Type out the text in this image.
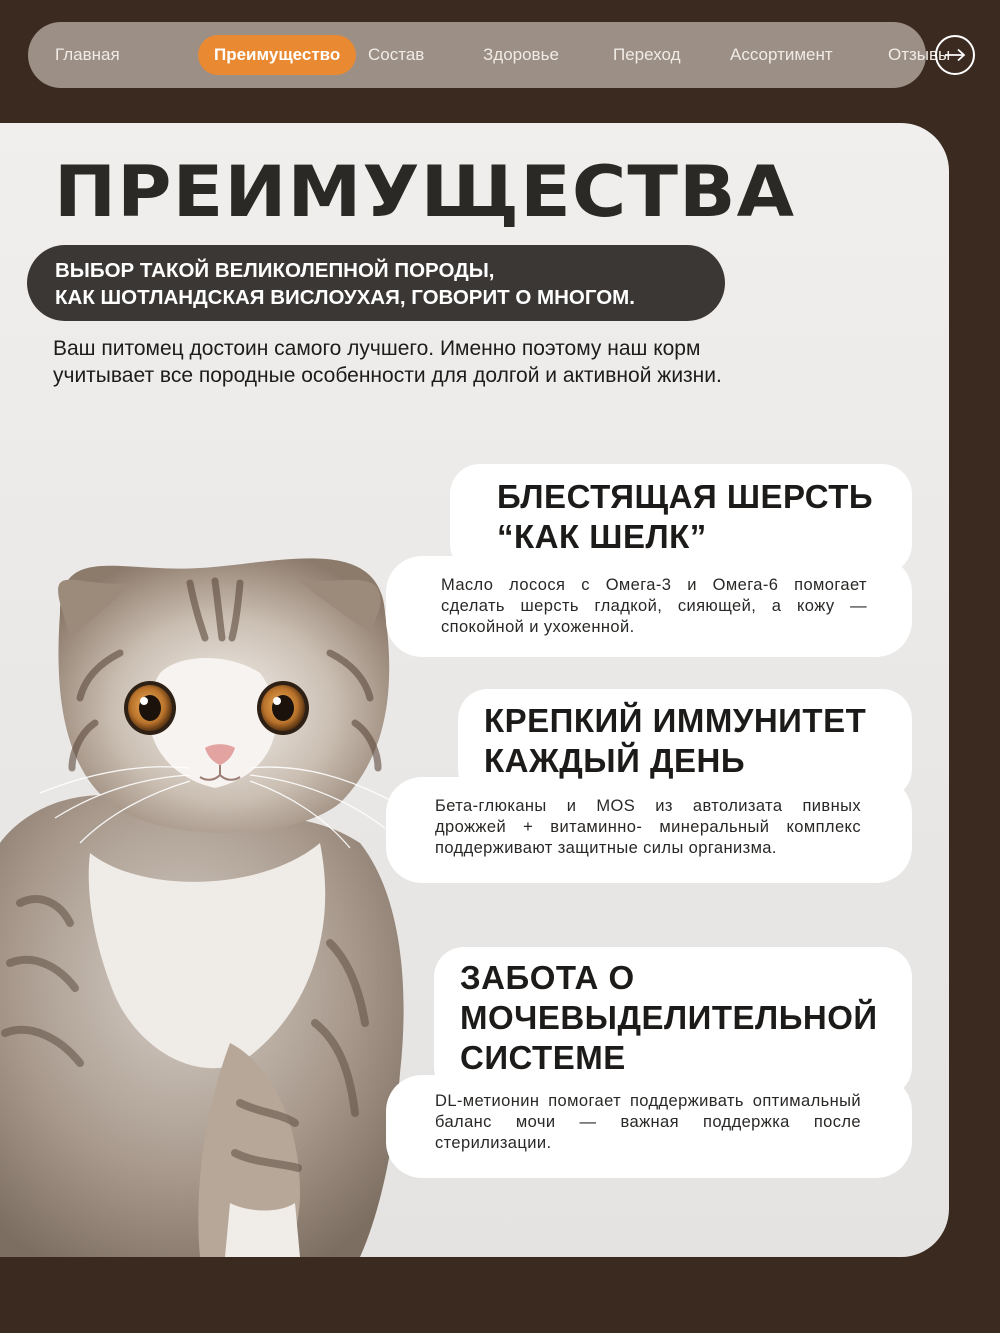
Главная	Преимущество	Состав	Здоровье	Переход	Ассортимент	Отзывы
ПРЕИМУЩЕСТВА
ВЫБОР ТАКОЙ ВЕЛИКОЛЕПНОЙ ПОРОДЫ,
КАК ШОТЛАНДСКАЯ ВИСЛОУХАЯ, ГОВОРИТ О МНОГОМ.
Ваш питомец достоин самого лучшего. Именно поэтому наш корм
учитывает все породные особенности для долгой и активной жизни.
БЛЕСТЯЩАЯ ШЕРСТЬ
“КАК ШЕЛК”
Масло лосося с Омега-3 и Омега-6 помогает сделать шерсть гладкой, сияющей, а кожу — спокойной и ухоженной.
КРЕПКИЙ ИММУНИТЕТ
КАЖДЫЙ ДЕНЬ
Бета-глюканы и MOS из автолизата пивных дрожжей + витаминно- минеральный комплекс поддерживают защитные силы организма.
ЗАБОТА О
МОЧЕВЫДЕЛИТЕЛЬНОЙ
СИСТЕМЕ
DL-метионин помогает поддерживать оптимальный баланс мочи — важная поддержка после стерилизации.
